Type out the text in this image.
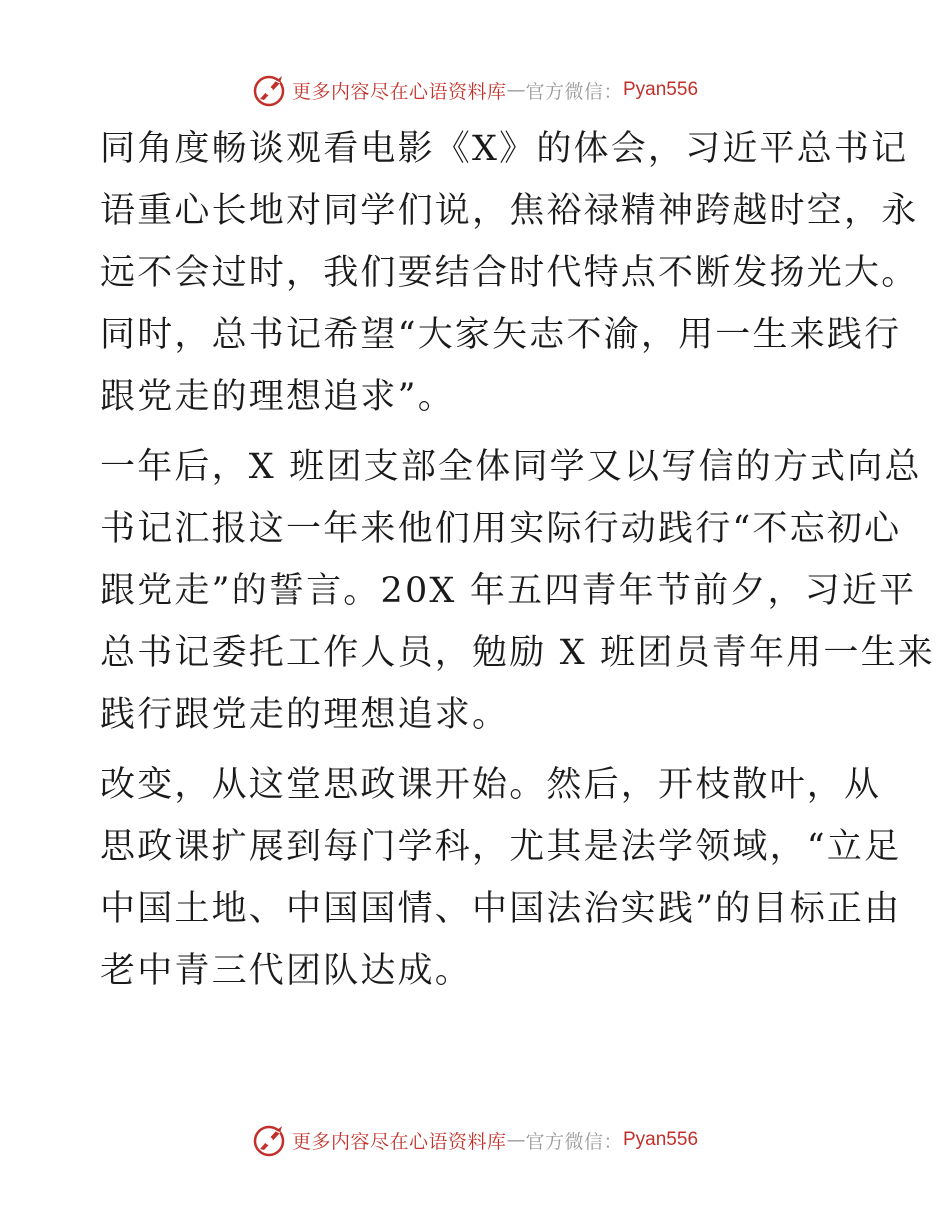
更多内容尽在心语资料库 — 官方微信： Pyan556

同角度畅谈观看电影《X》的体会，习近平总书记
语重心长地对同学们说，焦裕禄精神跨越时空，永
远不会过时，我们要结合时代特点不断发扬光大。
同时，总书记希望“大家矢志不渝，用一生来践行
跟党走的理想追求”。

一年后，X 班团支部全体同学又以写信的方式向总
书记汇报这一年来他们用实际行动践行“不忘初心
跟党走”的誓言。20X 年五四青年节前夕，习近平
总书记委托工作人员，勉励 X 班团员青年用一生来
践行跟党走的理想追求。

改变，从这堂思政课开始。然后，开枝散叶，从
思政课扩展到每门学科，尤其是法学领域，“立足
中国土地、中国国情、中国法治实践”的目标正由
老中青三代团队达成。

更多内容尽在心语资料库 — 官方微信： Pyan556
